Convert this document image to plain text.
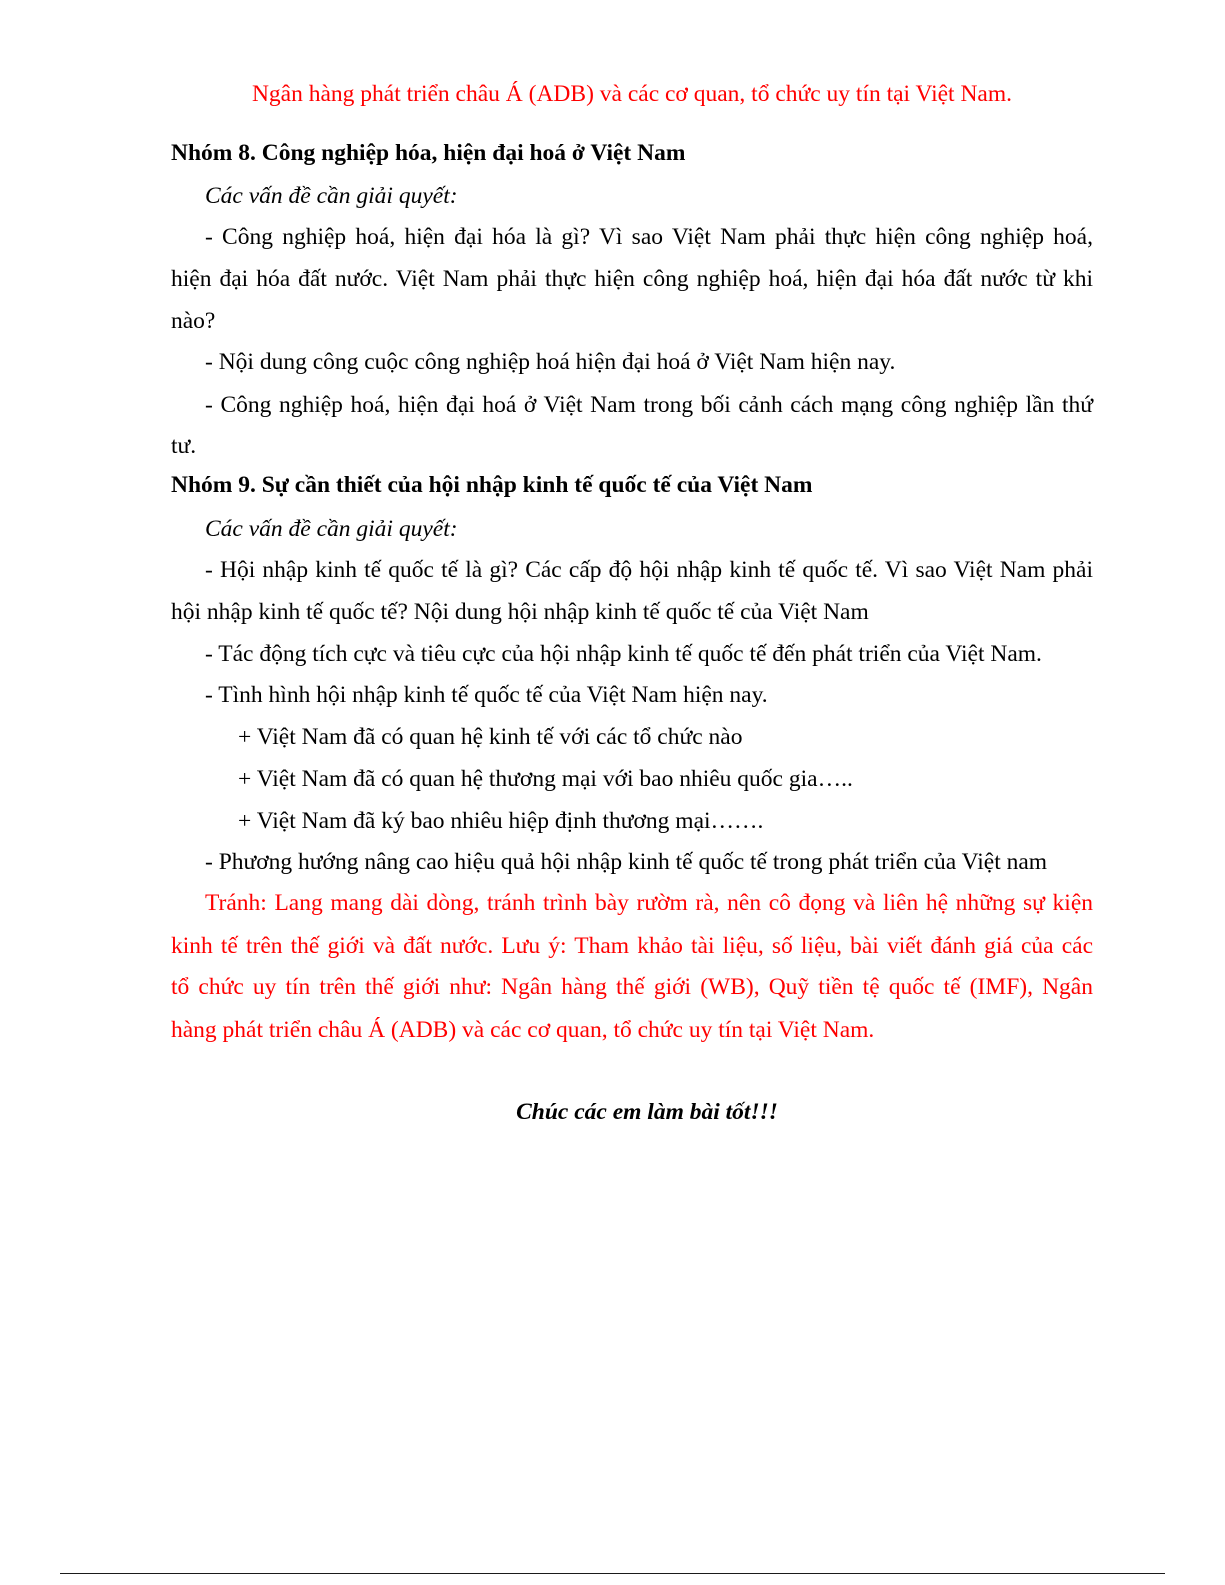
Ngân hàng phát triển châu Á (ADB) và các cơ quan, tổ chức uy tín tại Việt Nam.
Nhóm 8. Công nghiệp hóa, hiện đại hoá ở Việt Nam
Các vấn đề cần giải quyết:
- Công nghiệp hoá, hiện đại hóa là gì? Vì sao Việt Nam phải thực hiện công nghiệp hoá,
hiện đại hóa đất nước. Việt Nam phải thực hiện công nghiệp hoá, hiện đại hóa đất nước từ khi
nào?
- Nội dung công cuộc công nghiệp hoá hiện đại hoá ở Việt Nam hiện nay.
- Công nghiệp hoá, hiện đại hoá ở Việt Nam trong bối cảnh cách mạng công nghiệp lần thứ
tư.
Nhóm 9. Sự cần thiết của hội nhập kinh tế quốc tế của Việt Nam
Các vấn đề cần giải quyết:
- Hội nhập kinh tế quốc tế là gì? Các cấp độ hội nhập kinh tế quốc tế. Vì sao Việt Nam phải
hội nhập kinh tế quốc tế? Nội dung hội nhập kinh tế quốc tế của Việt Nam
- Tác động tích cực và tiêu cực của hội nhập kinh tế quốc tế đến phát triển của Việt Nam.
- Tình hình hội nhập kinh tế quốc tế của Việt Nam hiện nay.
+ Việt Nam đã có quan hệ kinh tế với các tổ chức nào
+ Việt Nam đã có quan hệ thương mại với bao nhiêu quốc gia…..
+ Việt Nam đã ký bao nhiêu hiệp định thương mại…….
- Phương hướng nâng cao hiệu quả hội nhập kinh tế quốc tế trong phát triển của Việt nam
Tránh: Lang mang dài dòng, tránh trình bày rườm rà, nên cô đọng và liên hệ những sự kiện
kinh tế trên thế giới và đất nước. Lưu ý: Tham khảo tài liệu, số liệu, bài viết đánh giá của các
tổ chức uy tín trên thế giới như: Ngân hàng thế giới (WB), Quỹ tiền tệ quốc tế (IMF), Ngân
hàng phát triển châu Á (ADB) và các cơ quan, tổ chức uy tín tại Việt Nam.
Chúc các em làm bài tốt!!!
